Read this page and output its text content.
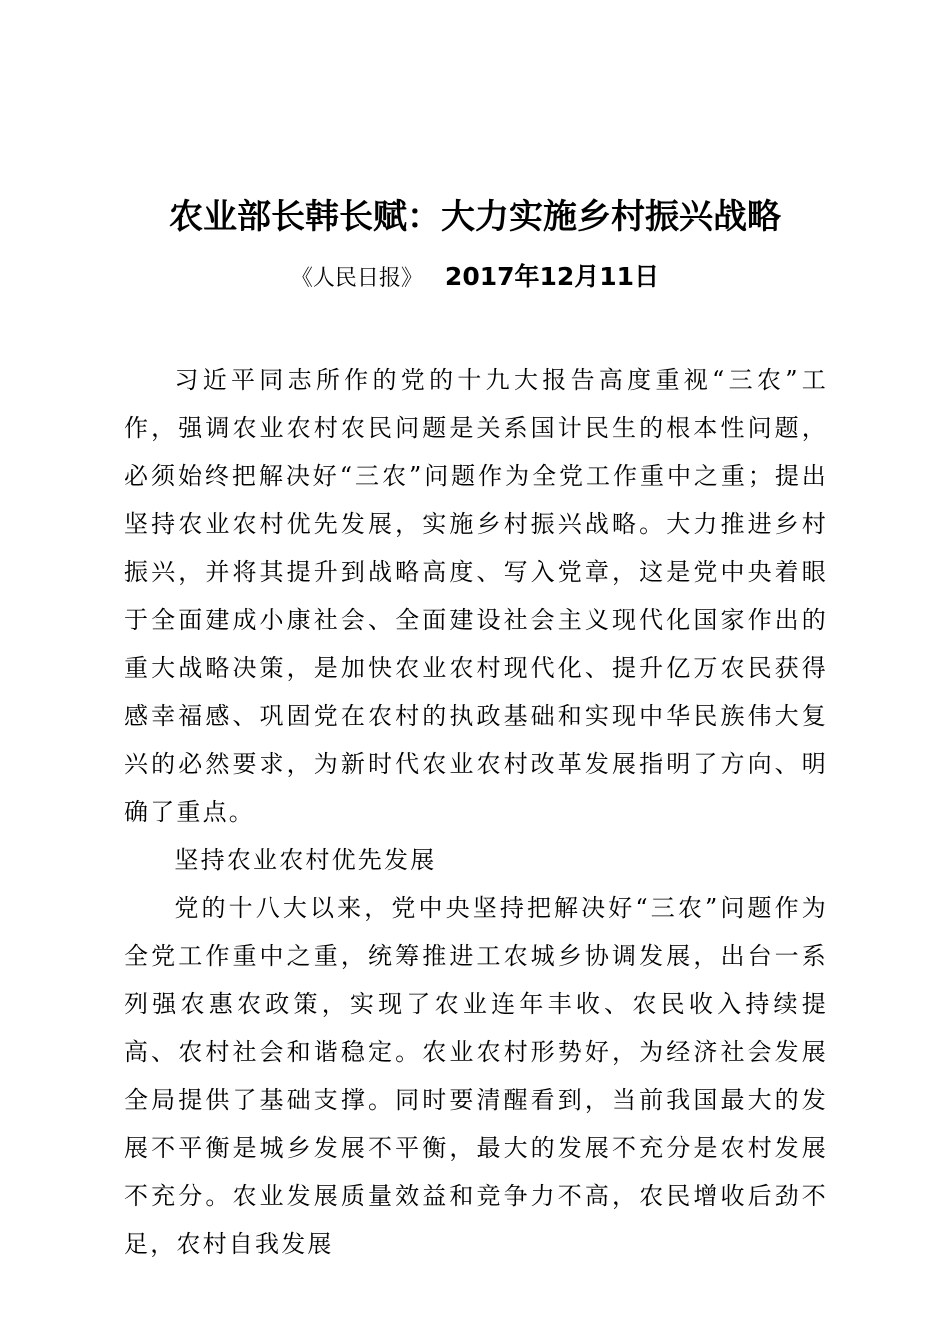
农业部长韩长赋：大力实施乡村振兴战略
《人民日报》 2017年12月11日

习近平同志所作的党的十九大报告高度重视“三农”工作，强调农业农村农民问题是关系国计民生的根本性问题，必须始终把解决好“三农”问题作为全党工作重中之重；提出坚持农业农村优先发展，实施乡村振兴战略。大力推进乡村振兴，并将其提升到战略高度、写入党章，这是党中央着眼于全面建成小康社会、全面建设社会主义现代化国家作出的重大战略决策，是加快农业农村现代化、提升亿万农民获得感幸福感、巩固党在农村的执政基础和实现中华民族伟大复兴的必然要求，为新时代农业农村改革发展指明了方向、明确了重点。

坚持农业农村优先发展

党的十八大以来，党中央坚持把解决好“三农”问题作为全党工作重中之重，统筹推进工农城乡协调发展，出台一系列强农惠农政策，实现了农业连年丰收、农民收入持续提高、农村社会和谐稳定。农业农村形势好，为经济社会发展全局提供了基础支撑。同时要清醒看到，当前我国最大的发展不平衡是城乡发展不平衡，最大的发展不充分是农村发展不充分。农业发展质量效益和竞争力不高，农民增收后劲不足，农村自我发展
